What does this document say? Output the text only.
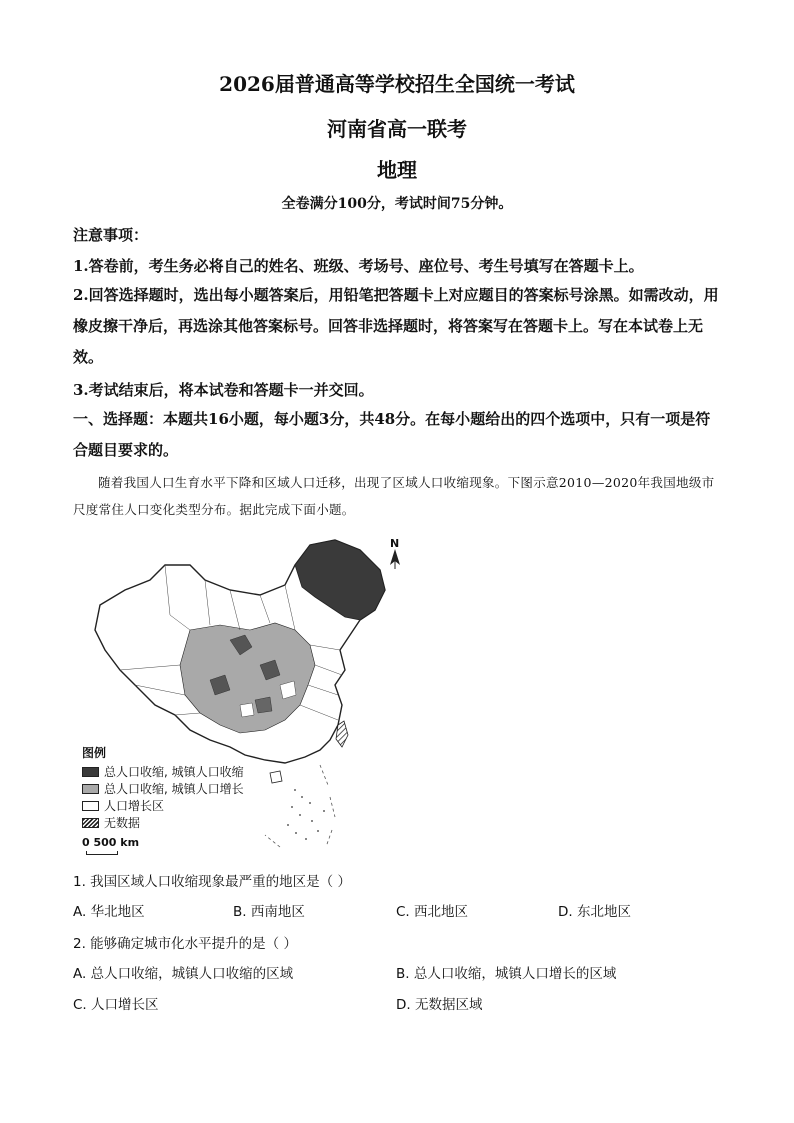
2026届普通高等学校招生全国统一考试
河南省高一联考
地理
全卷满分100分，考试时间75分钟。
注意事项：
1.答卷前，考生务必将自己的姓名、班级、考场号、座位号、考生号填写在答题卡上。
2.回答选择题时，选出每小题答案后，用铅笔把答题卡上对应题目的答案标号涂黑。如需改动，用橡皮擦干净后，再选涂其他答案标号。回答非选择题时，将答案写在答题卡上。写在本试卷上无效。
3.考试结束后，将本试卷和答题卡一并交回。
一、选择题：本题共16小题，每小题3分，共48分。在每小题给出的四个选项中，只有一项是符合题目要求的。
随着我国人口生育水平下降和区域人口迁移，出现了区域人口收缩现象。下图示意2010—2020年我国地级市尺度常住人口变化类型分布。据此完成下面小题。
N
图例
总人口收缩, 城镇人口收缩
总人口收缩, 城镇人口增长
人口增长区
无数据
0 500 km
1. 我国区域人口收缩现象最严重的地区是（ ）
A. 华北地区	B. 西南地区	C. 西北地区	D. 东北地区
2. 能够确定城市化水平提升的是（ ）
A. 总人口收缩，城镇人口收缩的区域	B. 总人口收缩，城镇人口增长的区域
C. 人口增长区	D. 无数据区域
